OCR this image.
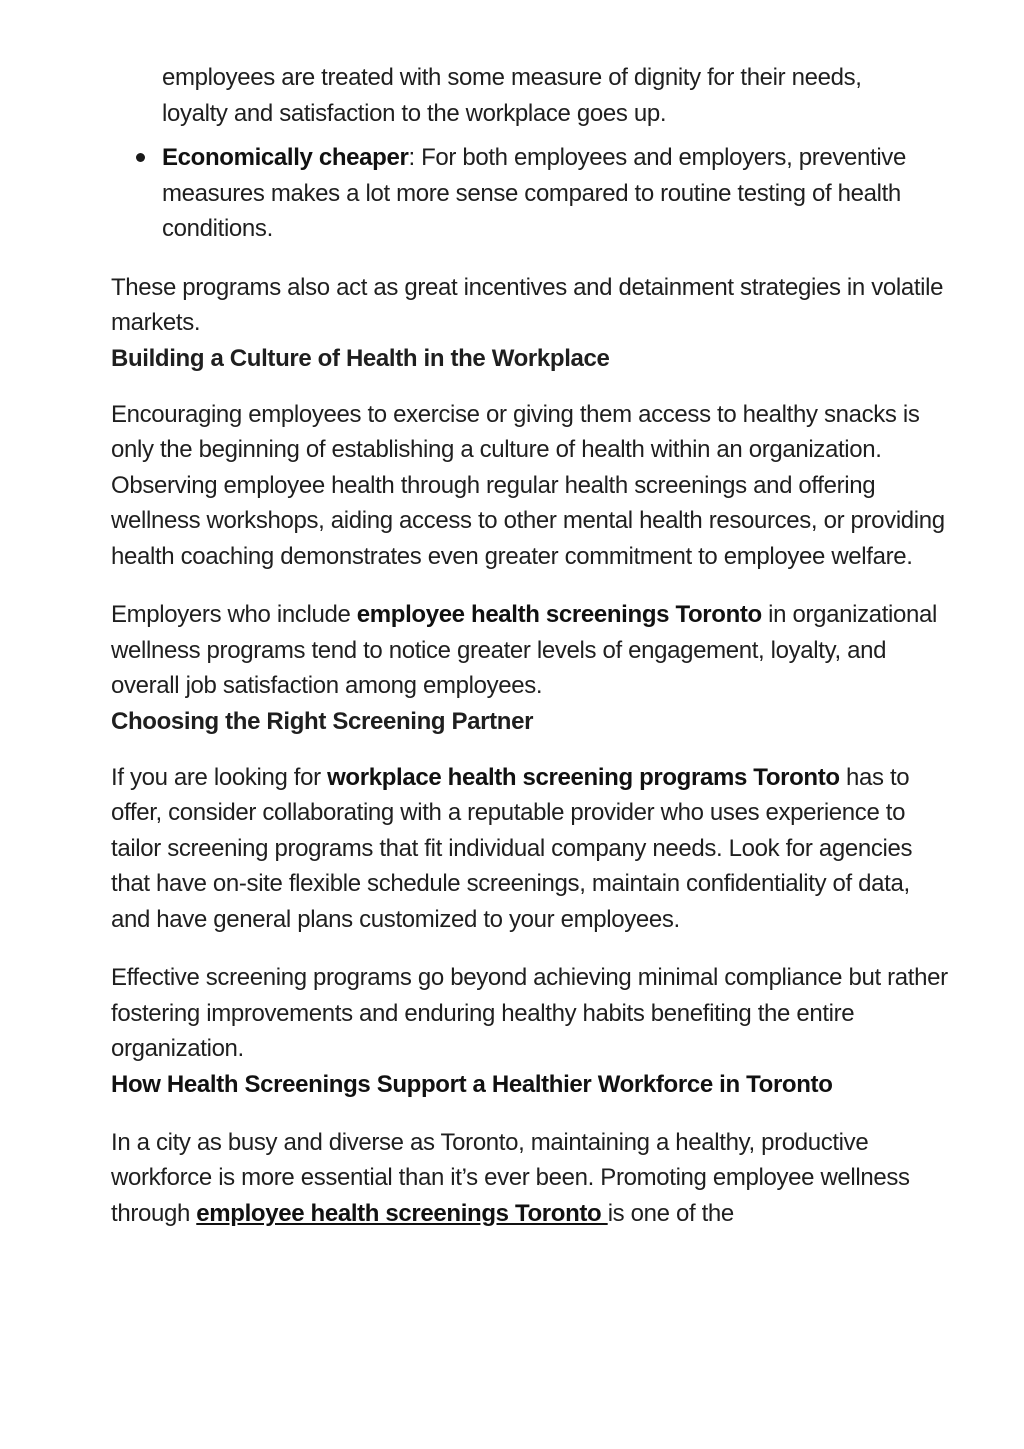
employees are treated with some measure of dignity for their needs,
loyalty and satisfaction to the workplace goes up.

Economically cheaper: For both employees and employers, preventive measures makes a lot more sense compared to routine testing of health conditions.

These programs also act as great incentives and detainment strategies in volatile markets.

Building a Culture of Health in the Workplace

Encouraging employees to exercise or giving them access to healthy snacks is only the beginning of establishing a culture of health within an organization. Observing employee health through regular health screenings and offering wellness workshops, aiding access to other mental health resources, or providing health coaching demonstrates even greater commitment to employee welfare.

Employers who include employee health screenings Toronto in organizational wellness programs tend to notice greater levels of engagement, loyalty, and overall job satisfaction among employees.

Choosing the Right Screening Partner

If you are looking for workplace health screening programs Toronto has to offer, consider collaborating with a reputable provider who uses experience to tailor screening programs that fit individual company needs. Look for agencies that have on-site flexible schedule screenings, maintain confidentiality of data, and have general plans customized to your employees.

Effective screening programs go beyond achieving minimal compliance but rather fostering improvements and enduring healthy habits benefiting the entire organization.

How Health Screenings Support a Healthier Workforce in Toronto

In a city as busy and diverse as Toronto, maintaining a healthy, productive workforce is more essential than it’s ever been. Promoting employee wellness through employee health screenings Toronto is one of the
